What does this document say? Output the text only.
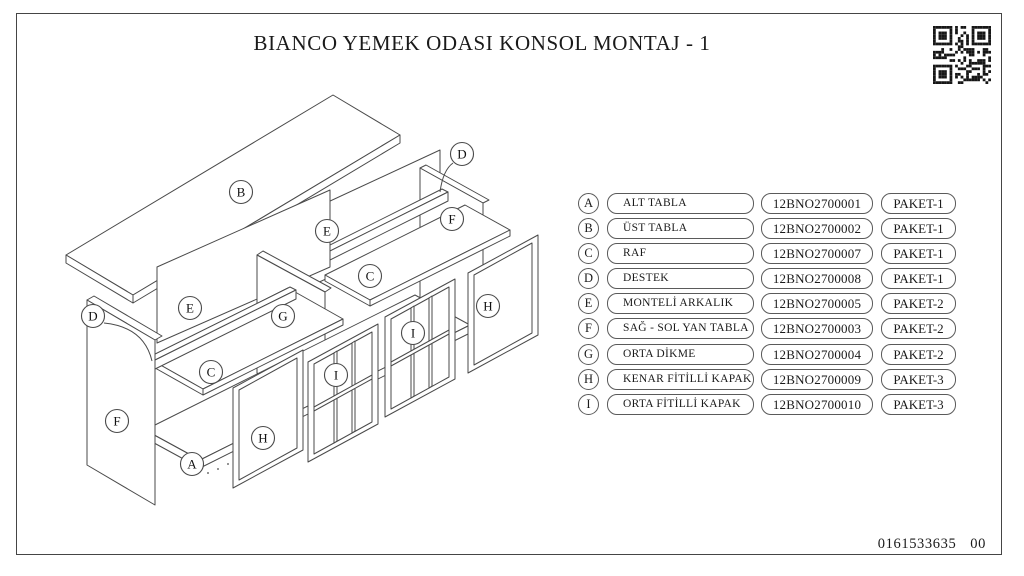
BIANCO YEMEK ODASI KONSOL MONTAJ - 1
B
D
E
F
C
G
E
D
H
I
I
C
F
H
A
A	ALT TABLA	12BNO2700001	PAKET-1
B	ÜST TABLA	12BNO2700002	PAKET-1
C	RAF	12BNO2700007	PAKET-1
D	DESTEK	12BNO2700008	PAKET-1
E	MONTELİ ARKALIK	12BNO2700005	PAKET-2
F	SAĞ - SOL YAN TABLA	12BNO2700003	PAKET-2
G	ORTA DİKME	12BNO2700004	PAKET-2
H	KENAR FİTİLLİ KAPAK	12BNO2700009	PAKET-3
I	ORTA FİTİLLİ KAPAK	12BNO2700010	PAKET-3
0161533635 00
